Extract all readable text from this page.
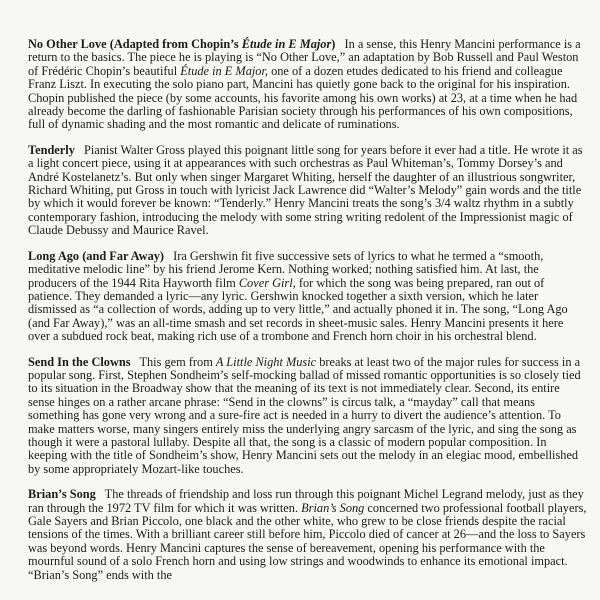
No Other Love (Adapted from Chopin’s Étude in E Major) In a sense, this Henry Mancini performance is a return to the basics. The piece he is playing is “No Other Love,” an adaptation by Bob Russell and Paul Weston of Frédéric Chopin’s beautiful Étude in E Major, one of a dozen etudes dedicated to his friend and colleague Franz Liszt. In executing the solo piano part, Mancini has quietly gone back to the original for his inspiration. Chopin published the piece (by some accounts, his favorite among his own works) at 23, at a time when he had already become the darling of fashionable Parisian society through his performances of his own compositions, full of dynamic shading and the most romantic and delicate of ruminations.

Tenderly Pianist Walter Gross played this poignant little song for years before it ever had a title. He wrote it as a light concert piece, using it at appearances with such orchestras as Paul Whiteman’s, Tommy Dorsey’s and André Kostelanetz’s. But only when singer Margaret Whiting, herself the daughter of an illustrious songwriter, Richard Whiting, put Gross in touch with lyricist Jack Lawrence did “Walter’s Melody” gain words and the title by which it would forever be known: “Tenderly.” Henry Mancini treats the song’s 3/4 waltz rhythm in a subtly contemporary fashion, introducing the melody with some string writing redolent of the Impressionist magic of Claude Debussy and Maurice Ravel.

Long Ago (and Far Away) Ira Gershwin fit five successive sets of lyrics to what he termed a “smooth, meditative melodic line” by his friend Jerome Kern. Nothing worked; nothing satisfied him. At last, the producers of the 1944 Rita Hayworth film Cover Girl, for which the song was being prepared, ran out of patience. They demanded a lyric—any lyric. Gershwin knocked together a sixth version, which he later dismissed as “a collection of words, adding up to very little,” and actually phoned it in. The song, “Long Ago (and Far Away),” was an all-time smash and set records in sheet-music sales. Henry Mancini presents it here over a subdued rock beat, making rich use of a trombone and French horn choir in his orchestral blend.

Send In the Clowns This gem from A Little Night Music breaks at least two of the major rules for success in a popular song. First, Stephen Sondheim’s self-mocking ballad of missed romantic opportunities is so closely tied to its situation in the Broadway show that the meaning of its text is not immediately clear. Second, its entire sense hinges on a rather arcane phrase: “Send in the clowns” is circus talk, a “mayday” call that means something has gone very wrong and a sure-fire act is needed in a hurry to divert the audience’s attention. To make matters worse, many singers entirely miss the underlying angry sarcasm of the lyric, and sing the song as though it were a pastoral lullaby. Despite all that, the song is a classic of modern popular composition. In keeping with the title of Sondheim’s show, Henry Mancini sets out the melody in an elegiac mood, embellished by some appropriately Mozart-like touches.

Brian’s Song The threads of friendship and loss run through this poignant Michel Legrand melody, just as they ran through the 1972 TV film for which it was written. Brian’s Song concerned two professional football players, Gale Sayers and Brian Piccolo, one black and the other white, who grew to be close friends despite the racial tensions of the times. With a brilliant career still before him, Piccolo died of cancer at 26—and the loss to Sayers was beyond words. Henry Mancini captures the sense of bereavement, opening his performance with the mournful sound of a solo French horn and using low strings and woodwinds to enhance its emotional impact. “Brian’s Song” ends with the
